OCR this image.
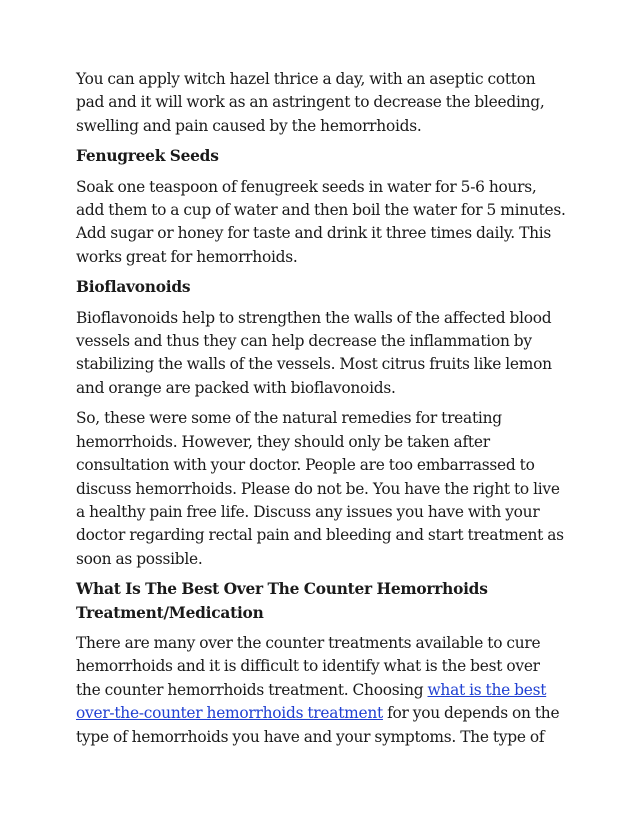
You can apply witch hazel thrice a day, with an aseptic cotton pad and it will work as an astringent to decrease the bleeding, swelling and pain caused by the hemorrhoids.

Fenugreek Seeds

Soak one teaspoon of fenugreek seeds in water for 5-6 hours, add them to a cup of water and then boil the water for 5 minutes. Add sugar or honey for taste and drink it three times daily. This works great for hemorrhoids.

Bioflavonoids

Bioflavonoids help to strengthen the walls of the affected blood vessels and thus they can help decrease the inflammation by stabilizing the walls of the vessels. Most citrus fruits like lemon and orange are packed with bioflavonoids.

So, these were some of the natural remedies for treating hemorrhoids. However, they should only be taken after consultation with your doctor. People are too embarrassed to discuss hemorrhoids. Please do not be. You have the right to live a healthy pain free life. Discuss any issues you have with your doctor regarding rectal pain and bleeding and start treatment as soon as possible.

What Is The Best Over The Counter Hemorrhoids Treatment/Medication

There are many over the counter treatments available to cure hemorrhoids and it is difficult to identify what is the best over the counter hemorrhoids treatment. Choosing what is the best over-the-counter hemorrhoids treatment for you depends on the type of hemorrhoids you have and your symptoms. The type of
